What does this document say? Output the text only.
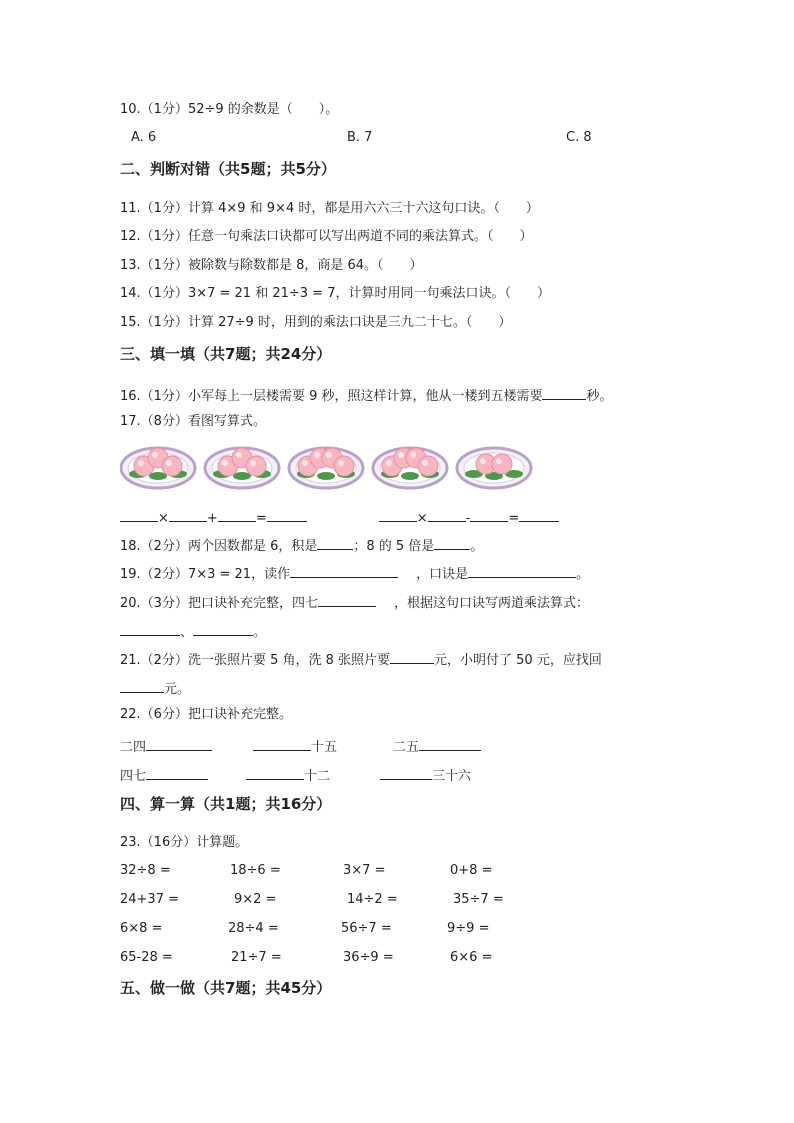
10.（1分）52÷9 的余数是（　　）。
A. 6	B. 7	C. 8
二、判断对错（共5题；共5分）
11.（1分）计算 4×9 和 9×4 时，都是用六六三十六这句口诀。（　　）
12.（1分）任意一句乘法口诀都可以写出两道不同的乘法算式。（　　）
13.（1分）被除数与除数都是 8，商是 64。（　　）
14.（1分）3×7 = 21 和 21÷3 = 7，计算时用同一句乘法口诀。（　　）
15.（1分）计算 27÷9 时，用到的乘法口诀是三九二十七。（　　）
三、填一填（共7题；共24分）
16.（1分）小军每上一层楼需要 9 秒，照这样计算，他从一楼到五楼需要	秒。
17.（8分）看图写算式。
×	+	=	×	-	=
18.（2分）两个因数都是 6，积是	；8 的 5 倍是	。
19.（2分）7×3 = 21，读作	，口诀是	。
20.（3分）把口诀补充完整，四七	，根据这句口诀写两道乘法算式：
、	。
21.（2分）洗一张照片要 5 角，洗 8 张照片要	元，小明付了 50 元，应找回
元。
22.（6分）把口诀补充完整。
二四	十五	二五
四七	十二	三十六
四、算一算（共1题；共16分）
23.（16分）计算题。
32÷8 =	18÷6 =	3×7 =	0+8 =
24+37 =	9×2 =	14÷2 =	35÷7 =
6×8 =	28÷4 =	56÷7 =	9÷9 =
65-28 =	21÷7 =	36÷9 =	6×6 =
五、做一做（共7题；共45分）
